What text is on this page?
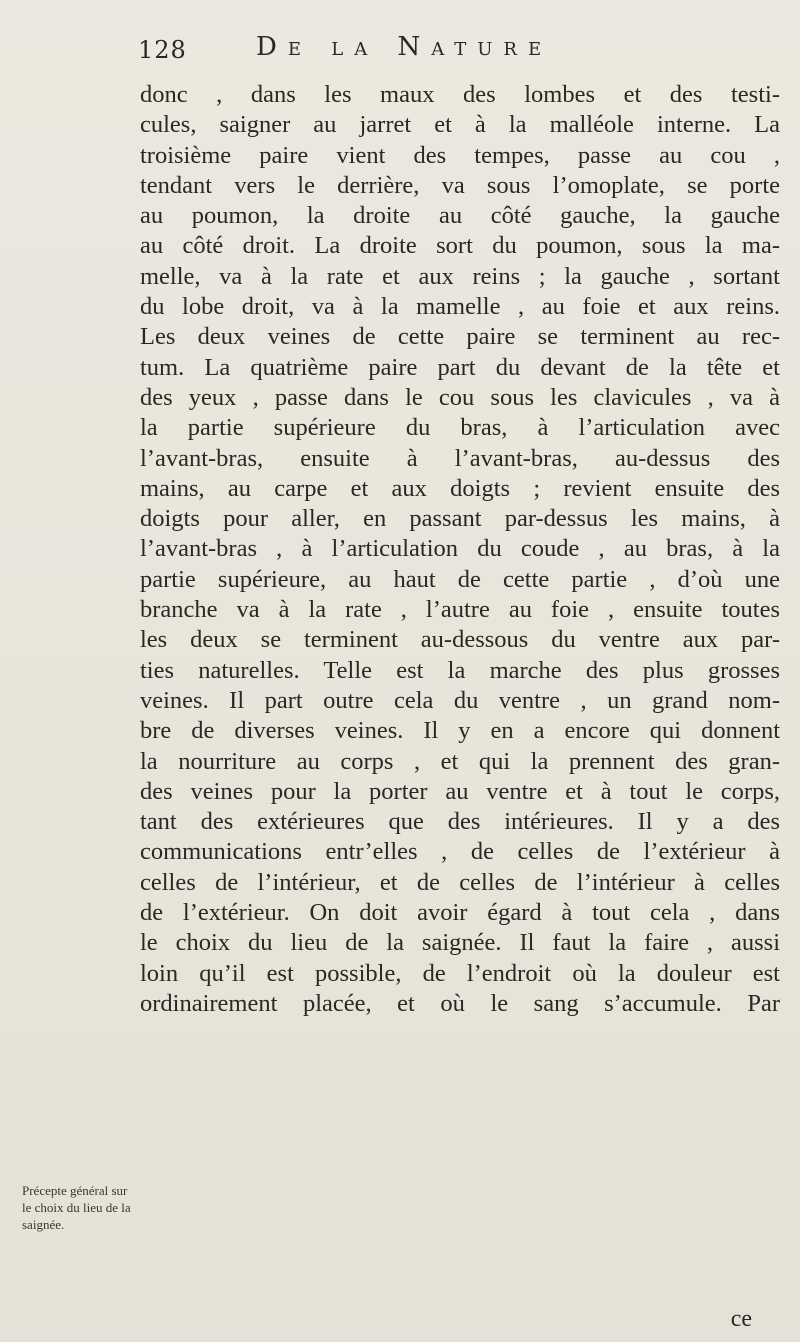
128	De la Nature
donc , dans les maux des lombes et des testi-
cules, saigner au jarret et à la malléole interne. La
troisième paire vient des tempes, passe au cou ,
tendant vers le derrière, va sous l’omoplate, se porte
au poumon, la droite au côté gauche, la gauche
au côté droit. La droite sort du poumon, sous la ma-
melle, va à la rate et aux reins ; la gauche , sortant
du lobe droit, va à la mamelle , au foie et aux reins.
Les deux veines de cette paire se terminent au rec-
tum. La quatrième paire part du devant de la tête et
des yeux , passe dans le cou sous les clavicules , va à
la partie supérieure du bras, à l’articulation avec
l’avant-bras, ensuite à l’avant-bras, au-dessus des
mains, au carpe et aux doigts ; revient ensuite des
doigts pour aller, en passant par-dessus les mains, à
l’avant-bras , à l’articulation du coude , au bras, à la
partie supérieure, au haut de cette partie , d’où une
branche va à la rate , l’autre au foie , ensuite toutes
les deux se terminent au-dessous du ventre aux par-
ties naturelles. Telle est la marche des plus grosses
veines. Il part outre cela du ventre , un grand nom-
bre de diverses veines. Il y en a encore qui donnent
la nourriture au corps , et qui la prennent des gran-
des veines pour la porter au ventre et à tout le corps,
tant des extérieures que des intérieures. Il y a des
communications entr’elles , de celles de l’extérieur à
celles de l’intérieur, et de celles de l’intérieur à celles
de l’extérieur. On doit avoir égard à tout cela , dans
le choix du lieu de la saignée. Il faut la faire , aussi
loin qu’il est possible, de l’endroit où la douleur est
ordinairement placée, et où le sang s’accumule. Par
Précepte général sur le choix du lieu de la saignée.
ce
